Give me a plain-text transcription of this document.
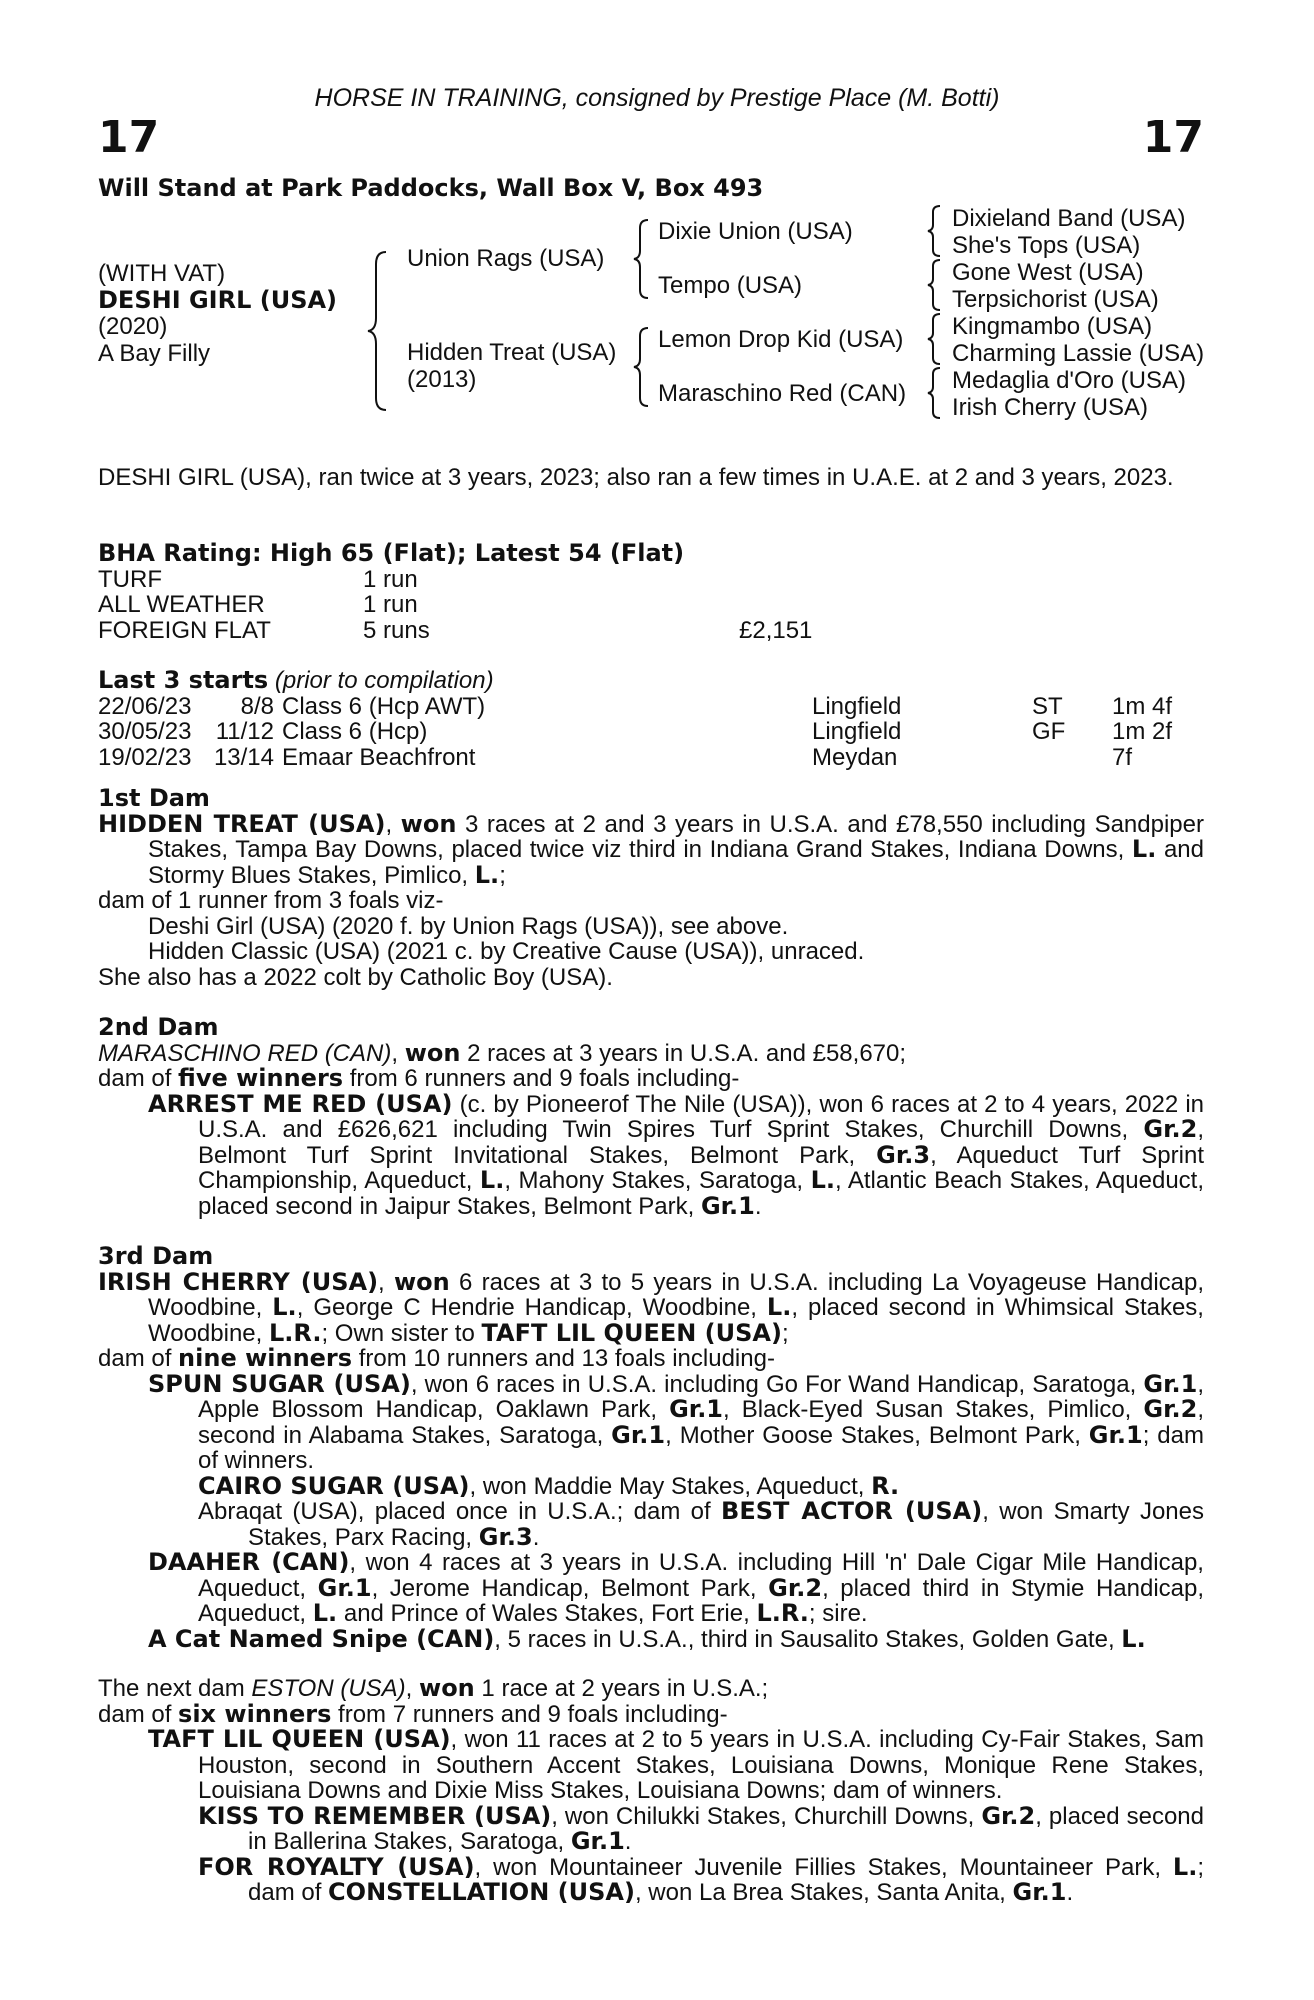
HORSE IN TRAINING, consigned by Prestige Place (M. Botti)
17	17
Will Stand at Park Paddocks, Wall Box V, Box 493
(WITH VAT)
DESHI GIRL (USA)
(2020)
A Bay Filly
Union Rags (USA)
Hidden Treat (USA)
(2013)
Dixie Union (USA)
Tempo (USA)
Lemon Drop Kid (USA)
Maraschino Red (CAN)
Dixieland Band (USA)
She's Tops (USA)
Gone West (USA)
Terpsichorist (USA)
Kingmambo (USA)
Charming Lassie (USA)
Medaglia d'Oro (USA)
Irish Cherry (USA)

DESHI GIRL (USA), ran twice at 3 years, 2023; also ran a few times in U.A.E. at 2 and 3 years, 2023.

BHA Rating: High 65 (Flat); Latest 54 (Flat)

TURF	1 run	
ALL WEATHER	1 run	
FOREIGN FLAT	5 runs	£2,151

Last 3 starts (prior to compilation)

22/06/23	8/8	Class 6 (Hcp AWT)	Lingfield	ST	1m 4f
30/05/23	11/12	Class 6 (Hcp)	Lingfield	GF	1m 2f
19/02/23	13/14	Emaar Beachfront	Meydan		7f

1st Dam

HIDDEN TREAT (USA), won 3 races at 2 and 3 years in U.S.A. and £78,550 including Sandpiper Stakes, Tampa Bay Downs, placed twice viz third in Indiana Grand Stakes, Indiana Downs, L. and Stormy Blues Stakes, Pimlico, L.;

dam of 1 runner from 3 foals viz-

Deshi Girl (USA) (2020 f. by Union Rags (USA)), see above.

Hidden Classic (USA) (2021 c. by Creative Cause (USA)), unraced.

She also has a 2022 colt by Catholic Boy (USA).

2nd Dam

MARASCHINO RED (CAN), won 2 races at 3 years in U.S.A. and £58,670;

dam of five winners from 6 runners and 9 foals including-

ARREST ME RED (USA) (c. by Pioneerof The Nile (USA)), won 6 races at 2 to 4 years, 2022 in U.S.A. and £626,621 including Twin Spires Turf Sprint Stakes, Churchill Downs, Gr.2, Belmont Turf Sprint Invitational Stakes, Belmont Park, Gr.3, Aqueduct Turf Sprint Championship, Aqueduct, L., Mahony Stakes, Saratoga, L., Atlantic Beach Stakes, Aqueduct, placed second in Jaipur Stakes, Belmont Park, Gr.1.

3rd Dam

IRISH CHERRY (USA), won 6 races at 3 to 5 years in U.S.A. including La Voyageuse Handicap, Woodbine, L., George C Hendrie Handicap, Woodbine, L., placed second in Whimsical Stakes, Woodbine, L.R.; Own sister to TAFT LIL QUEEN (USA);

dam of nine winners from 10 runners and 13 foals including-

SPUN SUGAR (USA), won 6 races in U.S.A. including Go For Wand Handicap, Saratoga, Gr.1, Apple Blossom Handicap, Oaklawn Park, Gr.1, Black-Eyed Susan Stakes, Pimlico, Gr.2, second in Alabama Stakes, Saratoga, Gr.1, Mother Goose Stakes, Belmont Park, Gr.1; dam of winners.

CAIRO SUGAR (USA), won Maddie May Stakes, Aqueduct, R.

Abraqat (USA), placed once in U.S.A.; dam of BEST ACTOR (USA), won Smarty Jones Stakes, Parx Racing, Gr.3.

DAAHER (CAN), won 4 races at 3 years in U.S.A. including Hill 'n' Dale Cigar Mile Handicap, Aqueduct, Gr.1, Jerome Handicap, Belmont Park, Gr.2, placed third in Stymie Handicap, Aqueduct, L. and Prince of Wales Stakes, Fort Erie, L.R.; sire.

A Cat Named Snipe (CAN), 5 races in U.S.A., third in Sausalito Stakes, Golden Gate, L.

The next dam ESTON (USA), won 1 race at 2 years in U.S.A.;

dam of six winners from 7 runners and 9 foals including-

TAFT LIL QUEEN (USA), won 11 races at 2 to 5 years in U.S.A. including Cy-Fair Stakes, Sam Houston, second in Southern Accent Stakes, Louisiana Downs, Monique Rene Stakes, Louisiana Downs and Dixie Miss Stakes, Louisiana Downs; dam of winners.

KISS TO REMEMBER (USA), won Chilukki Stakes, Churchill Downs, Gr.2, placed second in Ballerina Stakes, Saratoga, Gr.1.

FOR ROYALTY (USA), won Mountaineer Juvenile Fillies Stakes, Mountaineer Park, L.; dam of CONSTELLATION (USA), won La Brea Stakes, Santa Anita, Gr.1.
